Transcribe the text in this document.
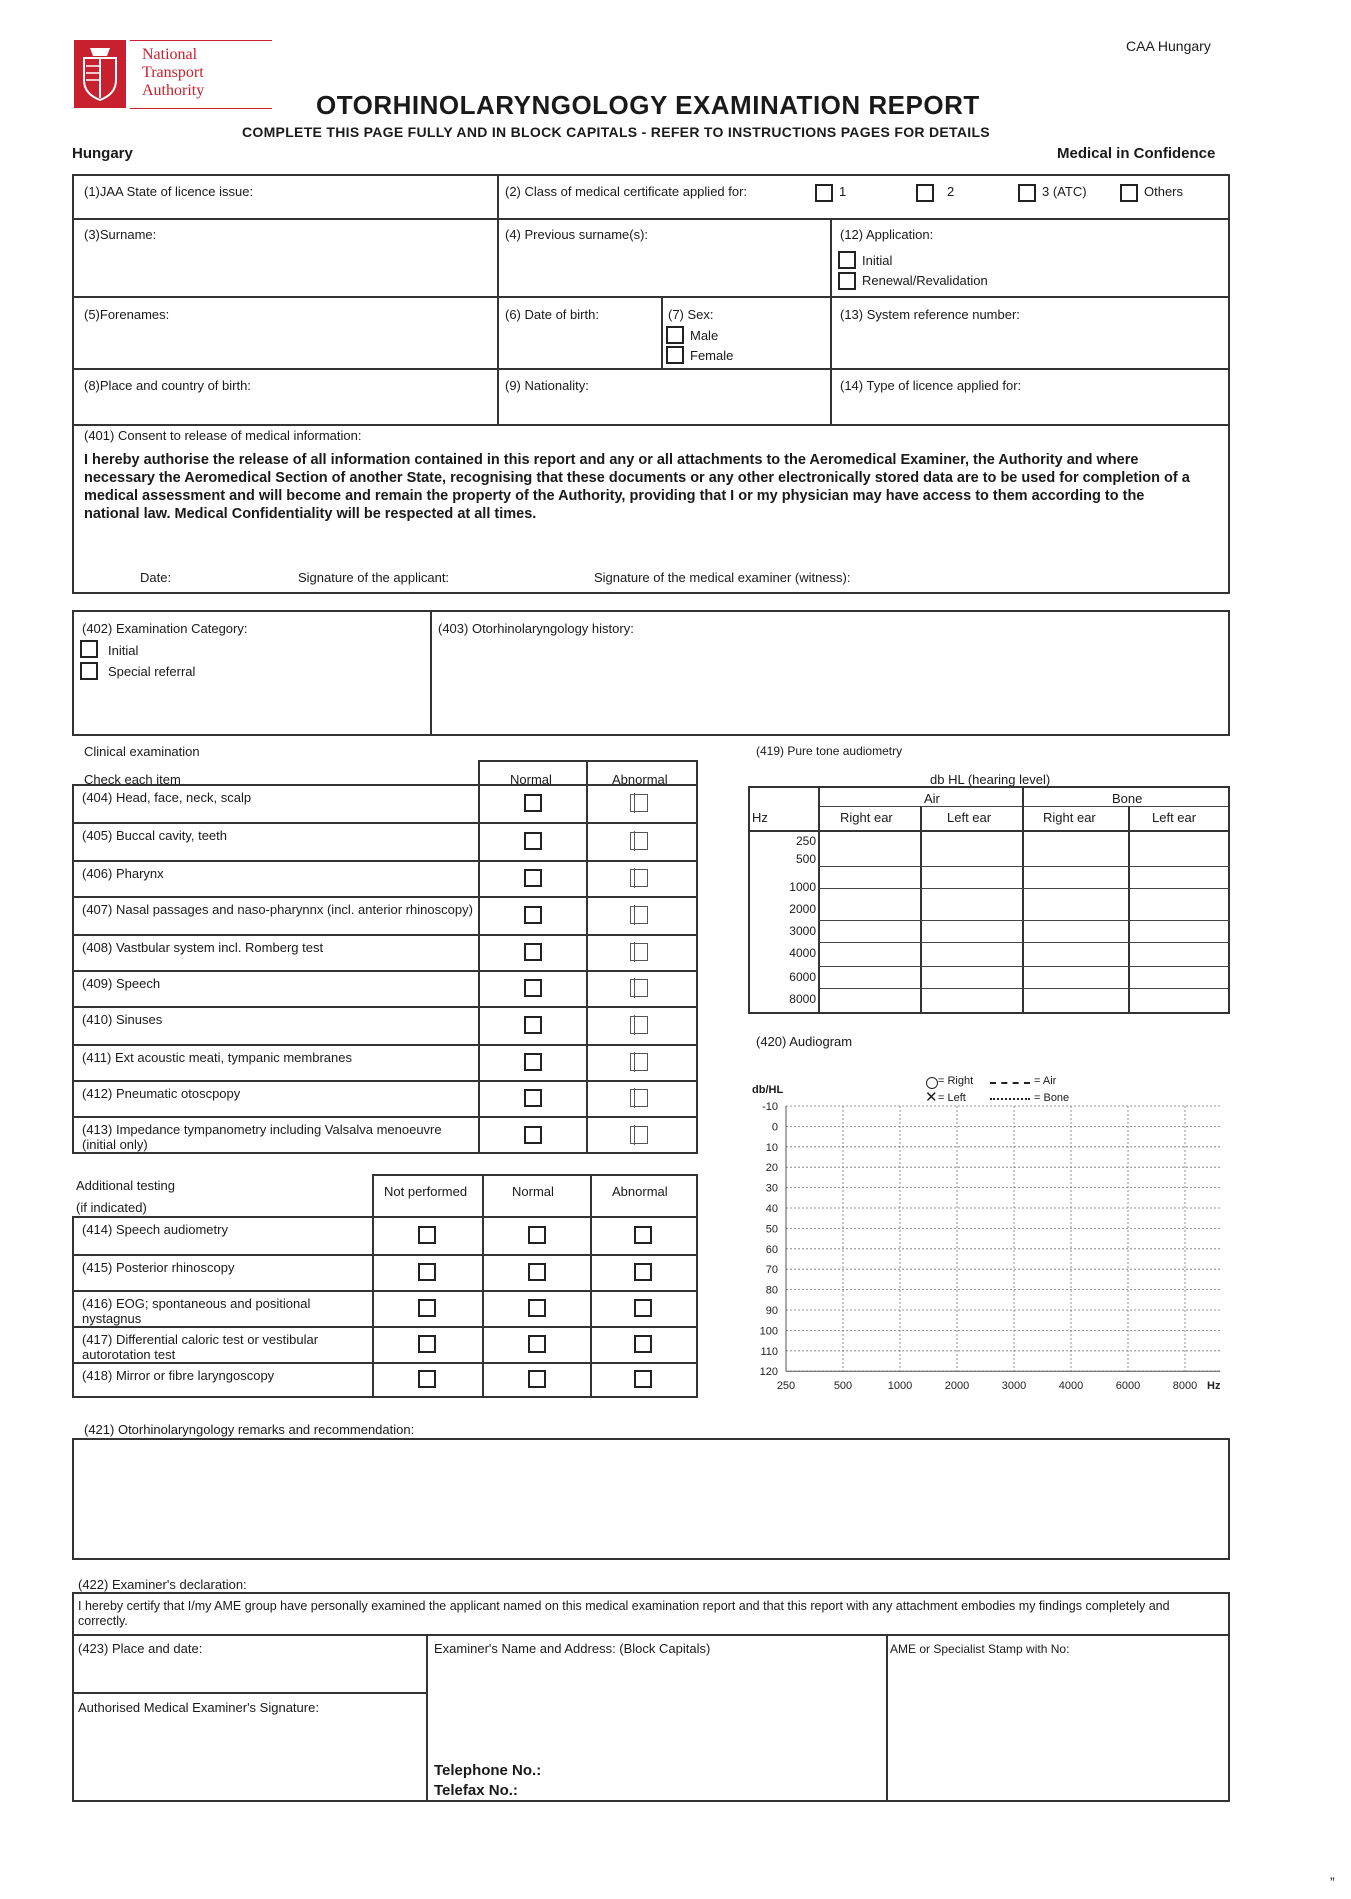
National
Transport
Authority
CAA Hungary
OTORHINOLARYNGOLOGY EXAMINATION REPORT
COMPLETE THIS PAGE FULLY AND IN BLOCK CAPITALS - REFER TO INSTRUCTIONS PAGES FOR DETAILS
Hungary	Medical in Confidence
(1)JAA State of licence issue:	(2) Class of medical certificate applied for:	1	2	3 (ATC)	Others
(3)Surname:	(4) Previous surname(s):	(12) Application:
Initial
Renewal/Revalidation
(5)Forenames:	(6) Date of birth:	(7) Sex:
Male
Female
(13) System reference number:
(8)Place and country of birth:	(9) Nationality:	(14) Type of licence applied for:
(401) Consent to release of medical information:
I hereby authorise the release of all information contained in this report and any or all attachments to the Aeromedical Examiner, the Authority and where necessary the Aeromedical Section of another State, recognising that these documents or any other electronically stored data are to be used for completion of a medical assessment and will become and remain the property of the Authority, providing that I or my physician may have access to them according to the national law. Medical Confidentiality will be respected at all times.
Date:	Signature of the applicant:	Signature of the medical examiner (witness):
(402) Examination Category:
Initial
Special referral
(403) Otorhinolaryngology history:
Clinical examination
Check each item	Normal	Abnormal
(404) Head, face, neck, scalp
(405) Buccal cavity, teeth
(406) Pharynx
(407) Nasal passages and naso-pharynnx (incl. anterior rhinoscopy)
(408) Vastbular system incl. Romberg test
(409) Speech
(410) Sinuses
(411) Ext acoustic meati, tympanic membranes
(412) Pneumatic otoscpopy
(413) Impedance tympanometry including Valsalva menoeuvre (initial only)
Additional testing
(if indicated)
Not performed	Normal	Abnormal
(414) Speech audiometry
(415) Posterior rhinoscopy
(416) EOG; spontaneous and positional nystagnus
(417) Differential caloric test or vestibular autorotation test
(418) Mirror or fibre laryngoscopy
(419) Pure tone audiometry
db HL (hearing level)
Air	Bone
Hz	Right ear	Left ear	Right ear	Left ear
250
500
1000
2000
3000
4000
6000
8000
(420) Audiogram
= Right
✕ = Left
= Air
= Bone
db/HL
-10
0
10
20
30
40
50
60
70
80
90
100
110
120
250	500	1000	2000	3000	4000	6000	8000 Hz
(421) Otorhinolaryngology remarks and recommendation:
(422) Examiner's declaration:
I hereby certify that I/my AME group have personally examined the applicant named on this medical examination report and that this report with any attachment embodies my findings completely and correctly.
(423) Place and date:	Examiner's Name and Address: (Block Capitals)	AME or Specialist Stamp with No:
Authorised Medical Examiner's Signature:
Telephone No.:
Telefax No.:
”
